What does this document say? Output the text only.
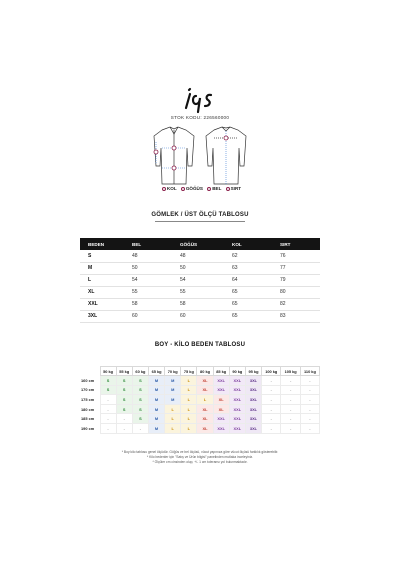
STOK KODU: 226560000
KOL GÖĞÜS BEL SIRT
GÖMLEK / ÜST ÖLÇÜ TABLOSU
BEDEN	BEL	GÖĞÜS	KOL	SIRT
S	48	48	62	76
M	50	50	63	77
L	54	54	64	79
XL	55	55	65	80
XXL	58	58	65	82
3XL	60	60	65	83
BOY - KİLO BEDEN TABLOSU
	50 kg	55 kg	60 kg	65 kg	70 kg	75 kg	80 kg	85 kg	90 kg	95 kg	100 kg	105 kg	110 kg
160 cm	S	S	S	M	M	L	XL	XXL	XXL	3XL	-	-	-
170 cm	S	S	S	M	M	L	XL	XXL	XXL	3XL	-	-	-
175 cm	-	S	S	M	M	L	L	XL	XXL	3XL	-	-	-
180 cm	-	S	S	M	L	L	XL	XL	XXL	3XL	-	-	-
185 cm	-	-	S	M	L	L	XL	XXL	XXL	3XL	-	-	-
190 cm	-	-	-	M	L	L	XL	XXL	XXL	3XL	-	-	-
* Boy kilo tablosu genel ölçüdür. Göğüs ve bel ölçüsü, vücut yapınıza göre vücut ölçüsü farklılık gösterebilir.
* Kilo bedenler için "Satış ve Ürün bilgisi" panelinden mutlaka inceleyiniz.
* Ölçüler cm cinsinden olup, +/- 1 cm toleransı yol bulunmaktadır.
